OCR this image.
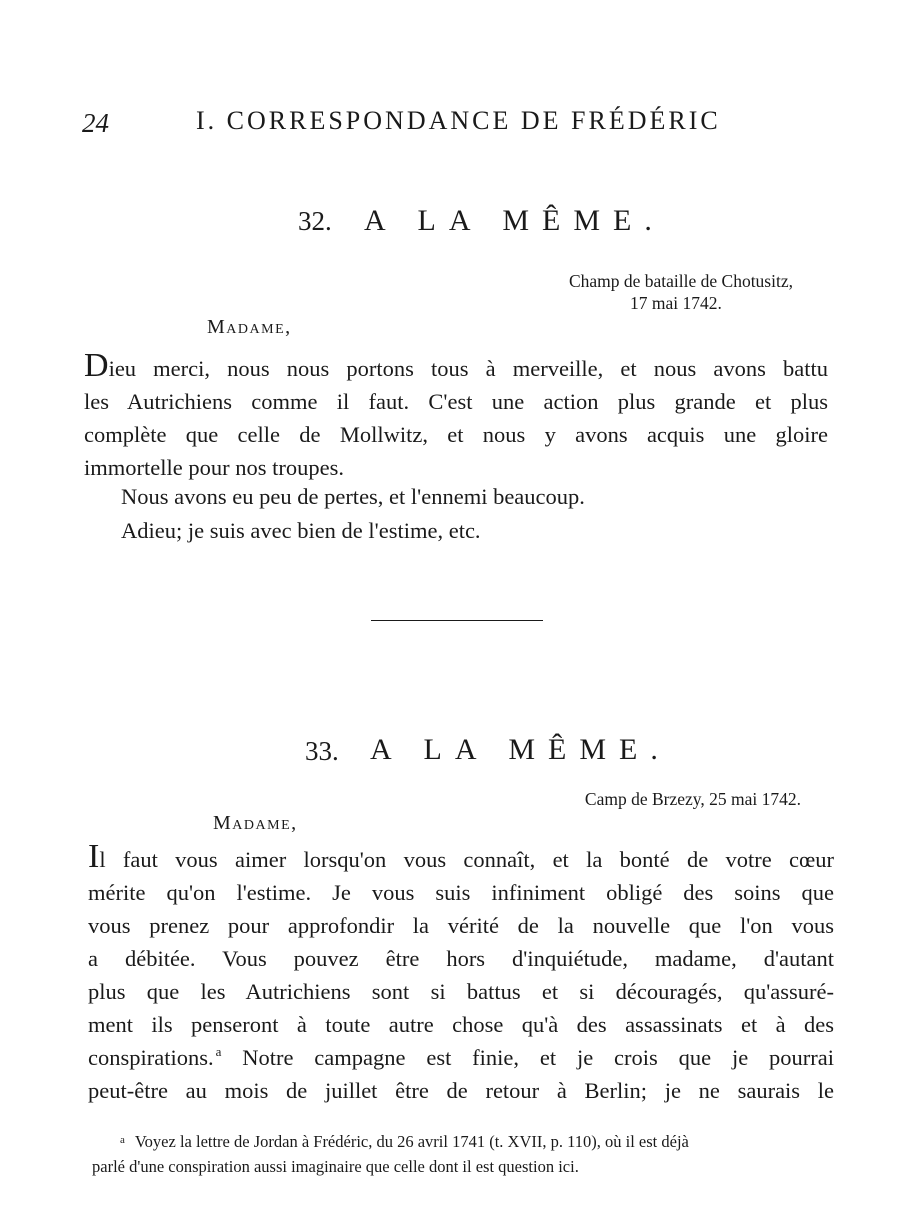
24	I. CORRESPONDANCE DE FRÉDÉRIC
32. A LA MÊME.
Champ de bataille de Chotusitz,
17 mai 1742.
Madame,
Dieu merci, nous nous portons tous à merveille, et nous avons battu
les Autrichiens comme il faut. C'est une action plus grande et plus
complète que celle de Mollwitz, et nous y avons acquis une gloire
immortelle pour nos troupes.
Nous avons eu peu de pertes, et l'ennemi beaucoup.
Adieu; je suis avec bien de l'estime, etc.
33. A LA MÊME.
Camp de Brzezy, 25 mai 1742.
Madame,
Il faut vous aimer lorsqu'on vous connaît, et la bonté de votre cœur
mérite qu'on l'estime. Je vous suis infiniment obligé des soins que
vous prenez pour approfondir la vérité de la nouvelle que l'on vous
a débitée. Vous pouvez être hors d'inquiétude, madame, d'autant
plus que les Autrichiens sont si battus et si découragés, qu'assuré-
ment ils penseront à toute autre chose qu'à des assassinats et à des
conspirations. $^a$ Notre campagne est finie, et je crois que je pourrai
peut-être au mois de juillet être de retour à Berlin; je ne saurais le
$^a$ Voyez la lettre de Jordan à Frédéric, du 26 avril 1741 (t. XVII, p. 110), où il est déjà
parlé d'une conspiration aussi imaginaire que celle dont il est question ici.
